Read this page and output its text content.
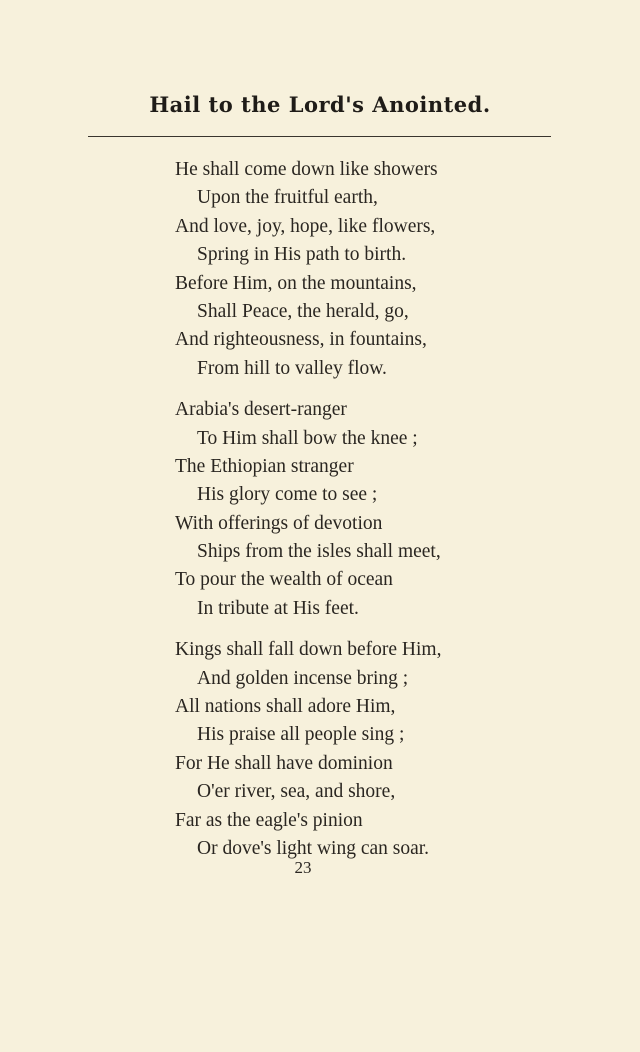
Hail to the Lord's Anointed.
He shall come down like showers
Upon the fruitful earth,
And love, joy, hope, like flowers,
Spring in His path to birth.
Before Him, on the mountains,
Shall Peace, the herald, go,
And righteousness, in fountains,
From hill to valley flow.
Arabia's desert-ranger
To Him shall bow the knee ;
The Ethiopian stranger
His glory come to see ;
With offerings of devotion
Ships from the isles shall meet,
To pour the wealth of ocean
In tribute at His feet.
Kings shall fall down before Him,
And golden incense bring ;
All nations shall adore Him,
His praise all people sing ;
For He shall have dominion
O'er river, sea, and shore,
Far as the eagle's pinion
Or dove's light wing can soar.
23
